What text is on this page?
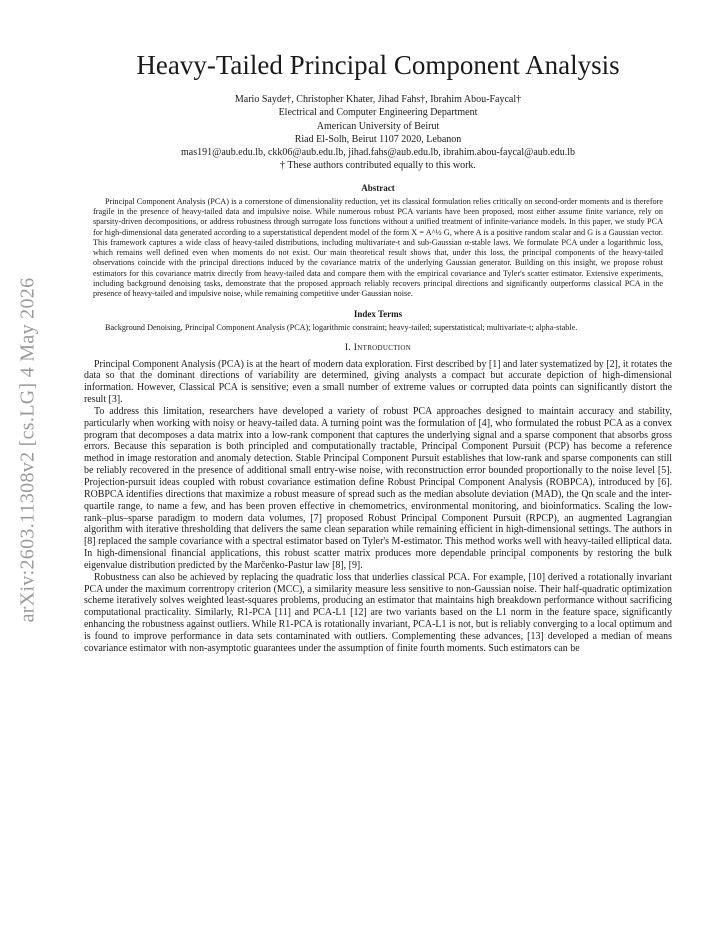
arXiv:2603.11308v2 [cs.LG] 4 May 2026
Heavy-Tailed Principal Component Analysis
Mario Sayde†, Christopher Khater, Jihad Fahs†, Ibrahim Abou-Faycal†
Electrical and Computer Engineering Department
American University of Beirut
Riad El-Solh, Beirut 1107 2020, Lebanon
mas191@aub.edu.lb, ckk06@aub.edu.lb, jihad.fahs@aub.edu.lb, ibrahim.abou-faycal@aub.edu.lb
† These authors contributed equally to this work.
Abstract
Principal Component Analysis (PCA) is a cornerstone of dimensionality reduction, yet its classical formulation relies critically on second-order moments and is therefore fragile in the presence of heavy-tailed data and impulsive noise. While numerous robust PCA variants have been proposed, most either assume finite variance, rely on sparsity-driven decompositions, or address robustness through surrogate loss functions without a unified treatment of infinite-variance models. In this paper, we study PCA for high-dimensional data generated according to a superstatistical dependent model of the form X = A^½ G, where A is a positive random scalar and G is a Gaussian vector. This framework captures a wide class of heavy-tailed distributions, including multivariate-t and sub-Gaussian α-stable laws. We formulate PCA under a logarithmic loss, which remains well defined even when moments do not exist. Our main theoretical result shows that, under this loss, the principal components of the heavy-tailed observations coincide with the principal directions induced by the covariance matrix of the underlying Gaussian generator. Building on this insight, we propose robust estimators for this covariance matrix directly from heavy-tailed data and compare them with the empirical covariance and Tyler's scatter estimator. Extensive experiments, including background denoising tasks, demonstrate that the proposed approach reliably recovers principal directions and significantly outperforms classical PCA in the presence of heavy-tailed and impulsive noise, while remaining competitive under Gaussian noise.
Index Terms
Background Denoising, Principal Component Analysis (PCA); logarithmic constraint; heavy-tailed; superstatistical; multivariate-t; alpha-stable.
I. Introduction

Principal Component Analysis (PCA) is at the heart of modern data exploration. First described by [1] and later systematized by [2], it rotates the data so that the dominant directions of variability are determined, giving analysts a compact but accurate depiction of high-dimensional information. However, Classical PCA is sensitive; even a small number of extreme values or corrupted data points can significantly distort the result [3].

To address this limitation, researchers have developed a variety of robust PCA approaches designed to maintain accuracy and stability, particularly when working with noisy or heavy-tailed data. A turning point was the formulation of [4], who formulated the robust PCA as a convex program that decomposes a data matrix into a low-rank component that captures the underlying signal and a sparse component that absorbs gross errors. Because this separation is both principled and computationally tractable, Principal Component Pursuit (PCP) has become a reference method in image restoration and anomaly detection. Stable Principal Component Pursuit establishes that low-rank and sparse components can still be reliably recovered in the presence of additional small entry-wise noise, with reconstruction error bounded proportionally to the noise level [5]. Projection-pursuit ideas coupled with robust covariance estimation define Robust Principal Component Analysis (ROBPCA), introduced by [6]. ROBPCA identifies directions that maximize a robust measure of spread such as the median absolute deviation (MAD), the Qn scale and the inter-quartile range, to name a few, and has been proven effective in chemometrics, environmental monitoring, and bioinformatics. Scaling the low-rank–plus–sparse paradigm to modern data volumes, [7] proposed Robust Principal Component Pursuit (RPCP), an augmented Lagrangian algorithm with iterative thresholding that delivers the same clean separation while remaining efficient in high-dimensional settings. The authors in [8] replaced the sample covariance with a spectral estimator based on Tyler's M-estimator. This method works well with heavy-tailed elliptical data. In high-dimensional financial applications, this robust scatter matrix produces more dependable principal components by restoring the bulk eigenvalue distribution predicted by the Marčenko-Pastur law [8], [9].

Robustness can also be achieved by replacing the quadratic loss that underlies classical PCA. For example, [10] derived a rotationally invariant PCA under the maximum correntropy criterion (MCC), a similarity measure less sensitive to non-Gaussian noise. Their half-quadratic optimization scheme iteratively solves weighted least-squares problems, producing an estimator that maintains high breakdown performance without sacrificing computational practicality. Similarly, R1-PCA [11] and PCA-L1 [12] are two variants based on the L1 norm in the feature space, significantly enhancing the robustness against outliers. While R1-PCA is rotationally invariant, PCA-L1 is not, but is reliably converging to a local optimum and is found to improve performance in data sets contaminated with outliers. Complementing these advances, [13] developed a median of means covariance estimator with non-asymptotic guarantees under the assumption of finite fourth moments. Such estimators can be
